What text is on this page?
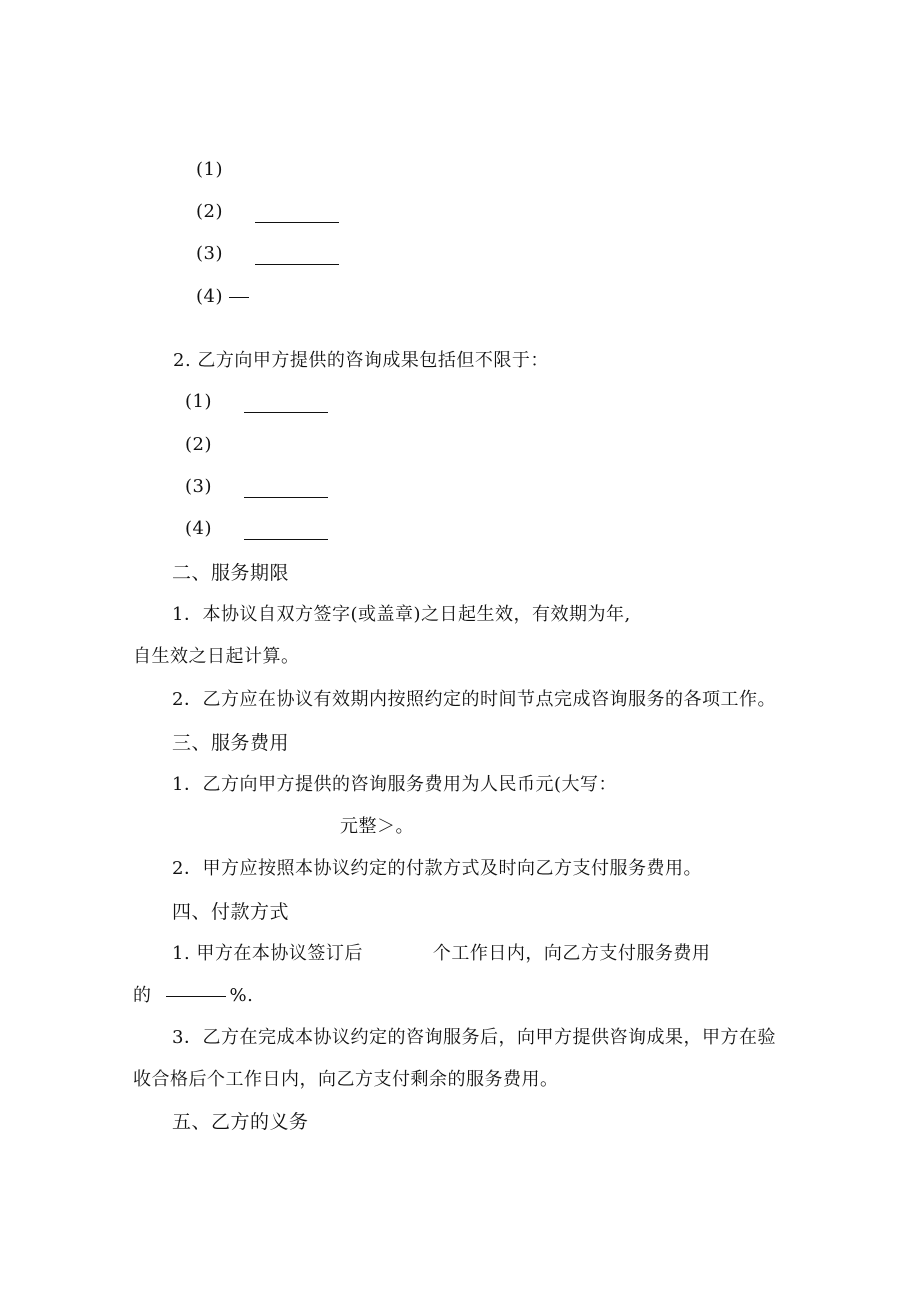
(1)
(2)
(3)
(4)
2. 乙方向甲方提供的咨询成果包括但不限于：
(1)
(2)
(3)
(4)
二、服务期限
1．本协议自双方签字(或盖章)之日起生效，有效期为年,
自生效之日起计算。
2．乙方应在协议有效期内按照约定的时间节点完成咨询服务的各项工作。
三、服务费用
1．乙方向甲方提供的咨询服务费用为人民币元(大写：
元整＞。
2．甲方应按照本协议约定的付款方式及时向乙方支付服务费用。
四、付款方式
1. 甲方在本协议签订后	个工作日内，向乙方支付服务费用
的	%.
3．乙方在完成本协议约定的咨询服务后，向甲方提供咨询成果，甲方在验
收合格后个工作日内，向乙方支付剩余的服务费用。
五、乙方的义务
